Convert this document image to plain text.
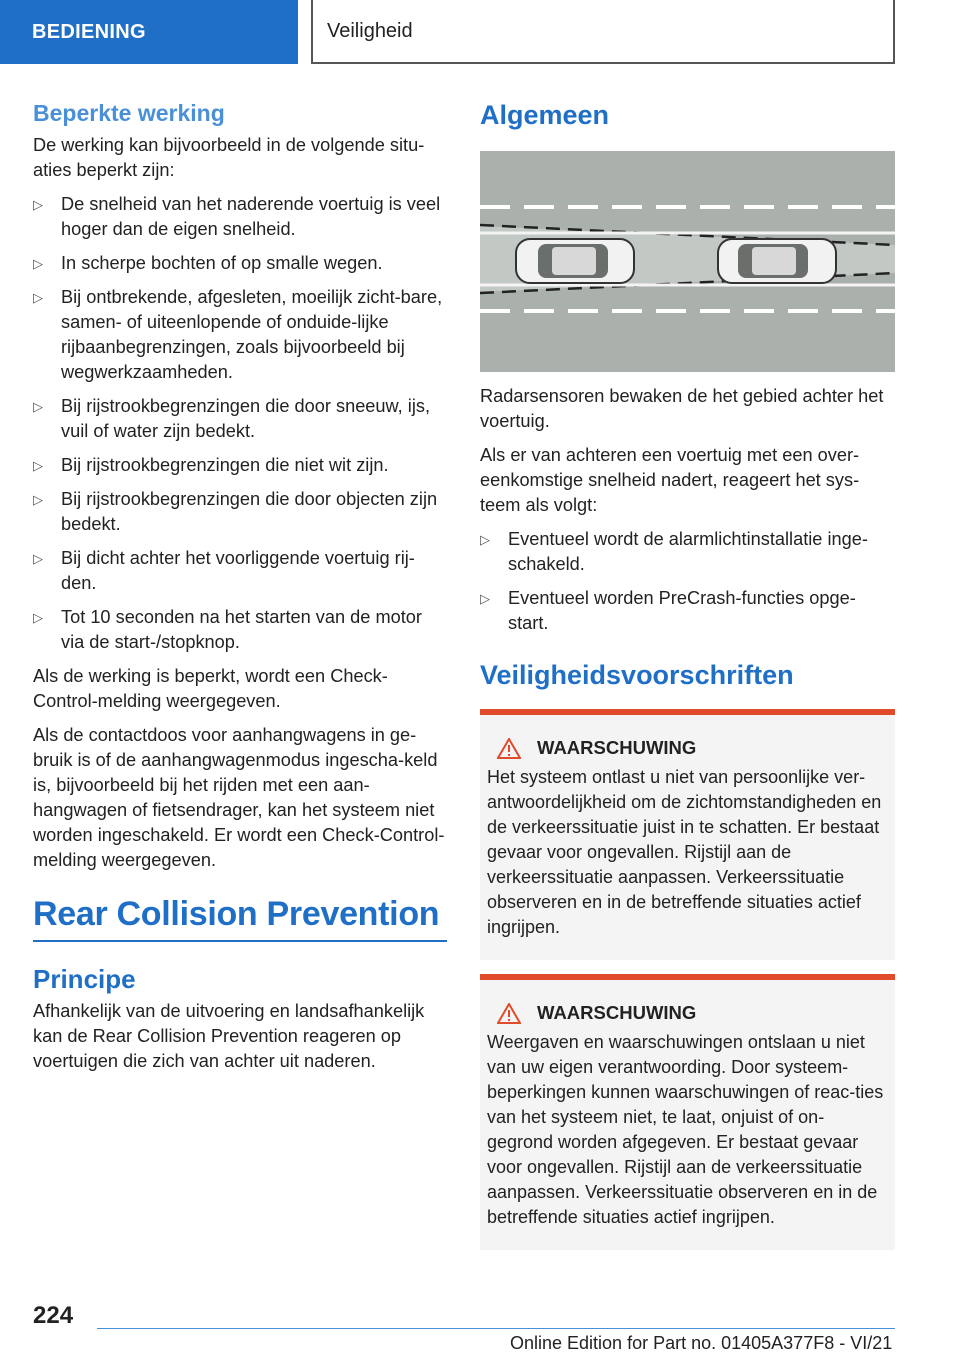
BEDIENING	Veiligheid
Beperkte werking

De werking kan bijvoorbeeld in de volgende situ-aties beperkt zijn:

▷ De snelheid van het naderende voertuig is veel hoger dan de eigen snelheid.
▷ In scherpe bochten of op smalle wegen.
▷ Bij ontbrekende, afgesleten, moeilijk zicht-bare, samen- of uiteenlopende of onduide-lijke rijbaanbegrenzingen, zoals bijvoorbeeld bij wegwerkzaamheden.
▷ Bij rijstrookbegrenzingen die door sneeuw, ijs, vuil of water zijn bedekt.
▷ Bij rijstrookbegrenzingen die niet wit zijn.
▷ Bij rijstrookbegrenzingen die door objecten zijn bedekt.
▷ Bij dicht achter het voorliggende voertuig rij-den.
▷ Tot 10 seconden na het starten van de motor via de start-/stopknop.

Als de werking is beperkt, wordt een Check-Control-melding weergegeven.

Als de contactdoos voor aanhangwagens in ge-bruik is of de aanhangwagenmodus ingescha-keld is, bijvoorbeeld bij het rijden met een aan-hangwagen of fietsendrager, kan het systeem niet worden ingeschakeld. Er wordt een Check-Control-melding weergegeven.

Rear Collision Prevention
Principe

Afhankelijk van de uitvoering en landsafhankelijk kan de Rear Collision Prevention reageren op voertuigen die zich van achter uit naderen.

Algemeen

Radarsensoren bewaken de het gebied achter het voertuig.

Als er van achteren een voertuig met een over-eenkomstige snelheid nadert, reageert het sys-teem als volgt:

▷ Eventueel wordt de alarmlichtinstallatie inge-schakeld.
▷ Eventueel worden PreCrash-functies opge-start.
Veiligheidsvoorschriften
WAARSCHUWING

Het systeem ontlast u niet van persoonlijke ver-antwoordelijkheid om de zichtomstandigheden en de verkeerssituatie juist in te schatten. Er bestaat gevaar voor ongevallen. Rijstijl aan de verkeerssituatie aanpassen. Verkeerssituatie observeren en in de betreffende situaties actief ingrijpen.

WAARSCHUWING

Weergaven en waarschuwingen ontslaan u niet van uw eigen verantwoording. Door systeem-beperkingen kunnen waarschuwingen of reac-ties van het systeem niet, te laat, onjuist of on-gegrond worden afgegeven. Er bestaat gevaar voor ongevallen. Rijstijl aan de verkeerssituatie aanpassen. Verkeerssituatie observeren en in de betreffende situaties actief ingrijpen.

224
Online Edition for Part no. 01405A377F8 - VI/21
